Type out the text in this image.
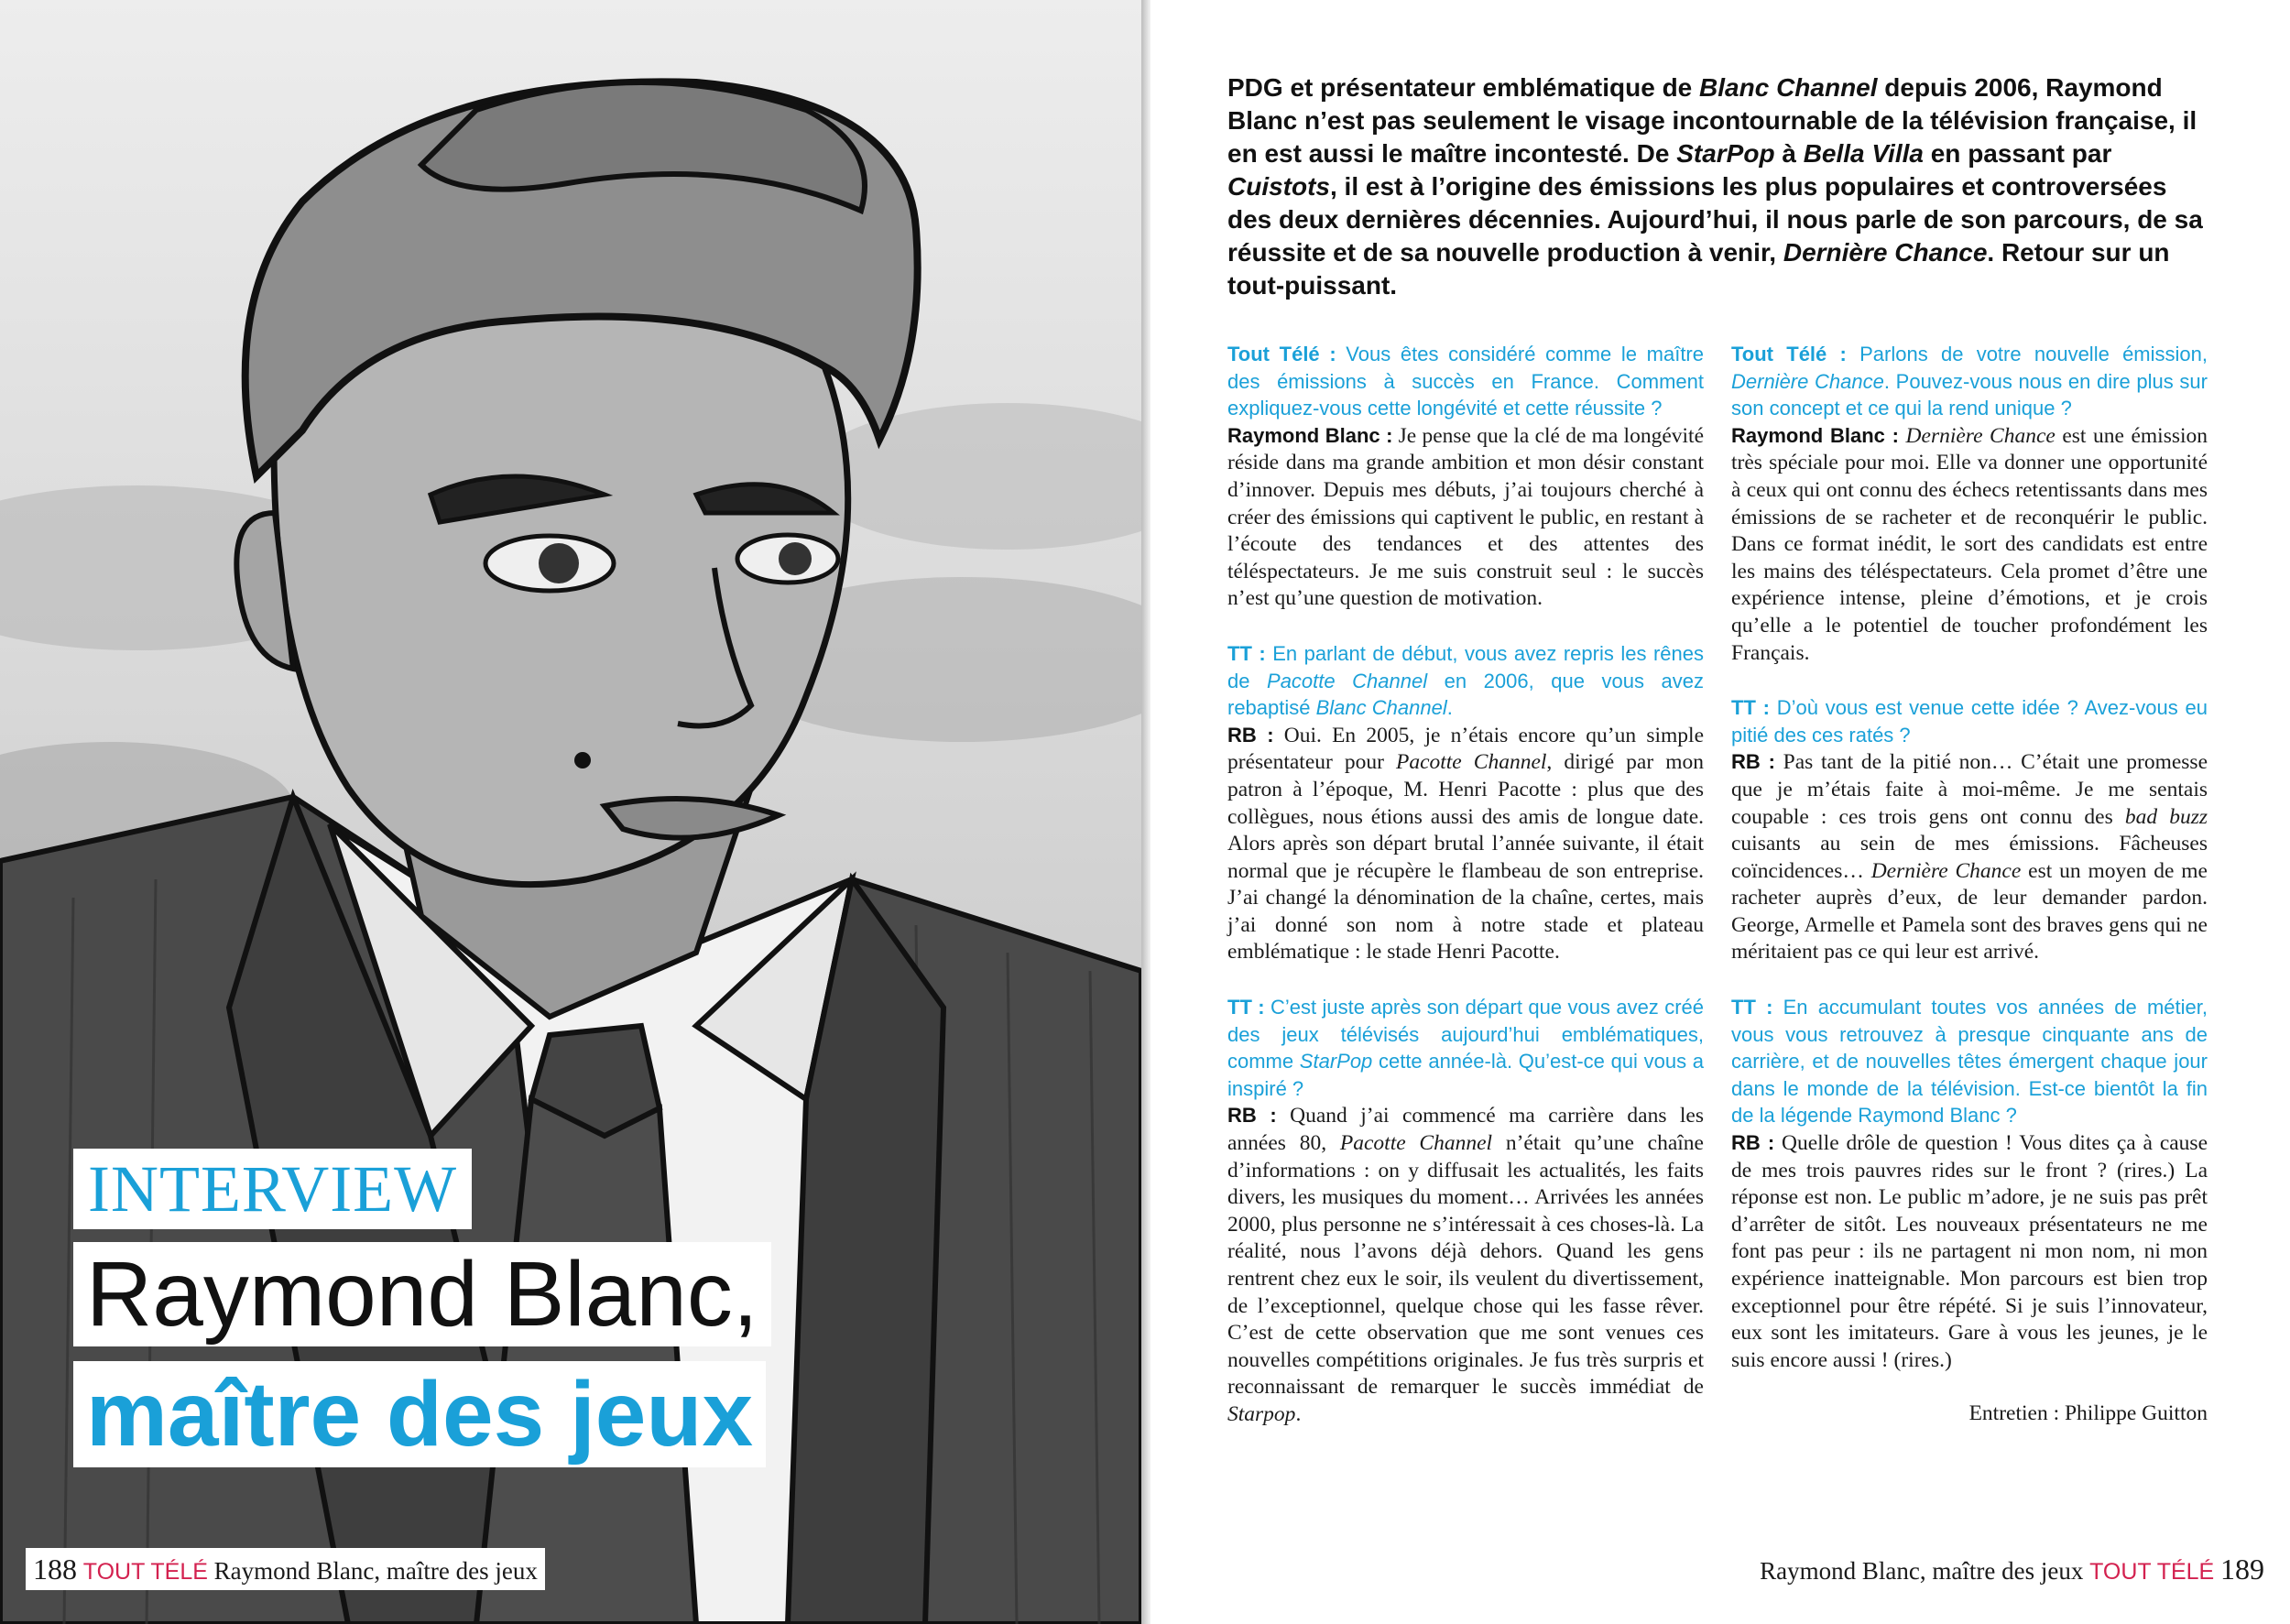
INTERVIEW
Raymond Blanc,
maître des jeux
188 TOUT TÉLÉ Raymond Blanc, maître des jeux

PDG et présentateur emblématique de Blanc Channel depuis 2006, Raymond Blanc n’est pas seulement le visage incontournable de la télévision française, il en est aussi le maître incontesté. De StarPop à Bella Villa en passant par Cuistots, il est à l’origine des émissions les plus populaires et controversées des deux dernières décennies. Aujourd’hui, il nous parle de son parcours, de sa réussite et de sa nouvelle production à venir, Dernière Chance. Retour sur un tout-puissant.

Tout Télé : Vous êtes considéré comme le maître des émissions à succès en France. Comment expliquez-vous cette longévité et cette réussite ?

Raymond Blanc : Je pense que la clé de ma longévité réside dans ma grande ambition et mon désir constant d’innover. Depuis mes débuts, j’ai toujours cherché à créer des émissions qui captivent le public, en restant à l’écoute des tendances et des attentes des téléspectateurs. Je me suis construit seul : le succès n’est qu’une question de motivation.

TT : En parlant de début, vous avez repris les rênes de Pacotte Channel en 2006, que vous avez rebaptisé Blanc Channel.

RB : Oui. En 2005, je n’étais encore qu’un simple présentateur pour Pacotte Channel, dirigé par mon patron à l’époque, M. Henri Pacotte : plus que des collègues, nous étions aussi des amis de longue date. Alors après son départ brutal l’année suivante, il était normal que je récupère le flambeau de son entreprise. J’ai changé la dénomination de la chaîne, certes, mais j’ai donné son nom à notre stade et plateau emblématique : le stade Henri Pacotte.

TT : C’est juste après son départ que vous avez créé des jeux télévisés aujourd’hui emblématiques, comme StarPop cette année-là. Qu’est-ce qui vous a inspiré ?

RB : Quand j’ai commencé ma carrière dans les années 80, Pacotte Channel n’était qu’une chaîne d’informations : on y diffusait les actualités, les faits divers, les musiques du moment… Arrivées les années 2000, plus personne ne s’intéressait à ces choses-là. La réalité, nous l’avons déjà dehors. Quand les gens rentrent chez eux le soir, ils veulent du divertissement, de l’exceptionnel, quelque chose qui les fasse rêver. C’est de cette observation que me sont venues ces nouvelles compétitions originales. Je fus très surpris et reconnaissant de remarquer le succès immédiat de Starpop.

Tout Télé : Parlons de votre nouvelle émission, Dernière Chance. Pouvez-vous nous en dire plus sur son concept et ce qui la rend unique ?

Raymond Blanc : Dernière Chance est une émission très spéciale pour moi. Elle va donner une opportunité à ceux qui ont connu des échecs retentissants dans mes émissions de se racheter et de reconquérir le public. Dans ce format inédit, le sort des candidats est entre les mains des téléspectateurs. Cela promet d’être une expérience intense, pleine d’émotions, et je crois qu’elle a le potentiel de toucher profondément les Français.

TT : D’où vous est venue cette idée ? Avez-vous eu pitié des ces ratés ?

RB : Pas tant de la pitié non… C’était une promesse que je m’étais faite à moi-même. Je me sentais coupable : ces trois gens ont connu des bad buzz cuisants au sein de mes émissions. Fâcheuses coïncidences… Dernière Chance est un moyen de me racheter auprès d’eux, de leur demander pardon. George, Armelle et Pamela sont des braves gens qui ne méritaient pas ce qui leur est arrivé.

TT : En accumulant toutes vos années de métier, vous vous retrouvez à presque cinquante ans de carrière, et de nouvelles têtes émergent chaque jour dans le monde de la télévision. Est-ce bientôt la fin de la légende Raymond Blanc ?

RB : Quelle drôle de question ! Vous dites ça à cause de mes trois pauvres rides sur le front ? (rires.) La réponse est non. Le public m’adore, je ne suis pas prêt d’arrêter de sitôt. Les nouveaux présentateurs ne me font pas peur : ils ne partagent ni mon nom, ni mon expérience inatteignable. Mon parcours est bien trop exceptionnel pour être répété. Si je suis l’innovateur, eux sont les imitateurs. Gare à vous les jeunes, je le suis encore aussi ! (rires.)

Entretien : Philippe Guitton

Raymond Blanc, maître des jeux TOUT TÉLÉ 189
